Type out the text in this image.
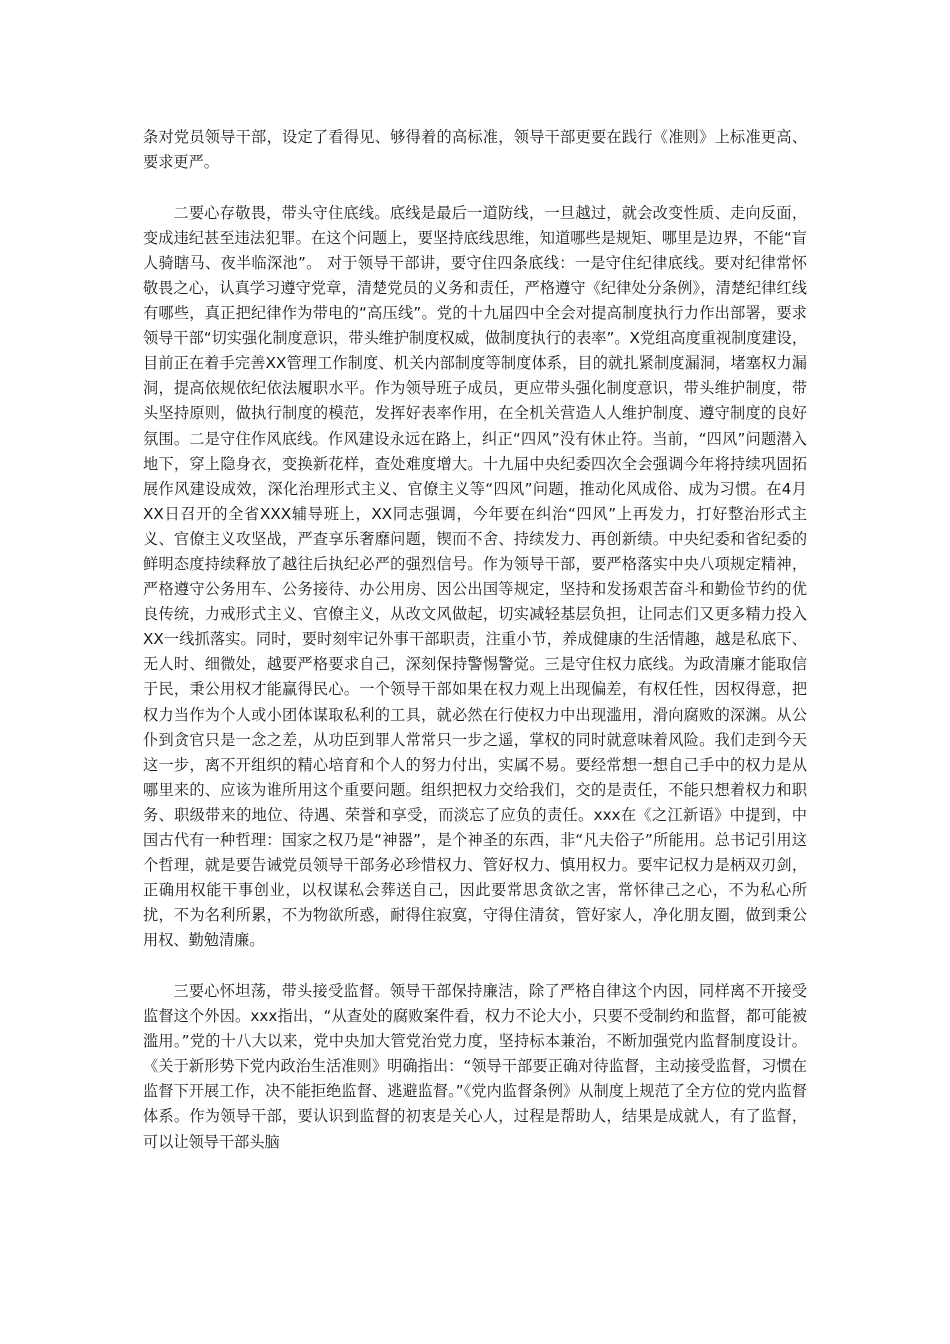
条对党员领导干部，设定了看得见、够得着的高标准，领导干部更要在践行《准则》上标准更高、要求更严。

二要心存敬畏，带头守住底线。底线是最后一道防线，一旦越过，就会改变性质、走向反面，变成违纪甚至违法犯罪。在这个问题上，要坚持底线思维，知道哪些是规矩、哪里是边界，不能“盲人骑瞎马、夜半临深池”。 对于领导干部讲，要守住四条底线：一是守住纪律底线。要对纪律常怀敬畏之心，认真学习遵守党章，清楚党员的义务和责任，严格遵守《纪律处分条例》，清楚纪律红线有哪些，真正把纪律作为带电的“高压线”。党的十九届四中全会对提高制度执行力作出部署，要求领导干部“切实强化制度意识，带头维护制度权威，做制度执行的表率”。X党组高度重视制度建设，目前正在着手完善XX管理工作制度、机关内部制度等制度体系，目的就扎紧制度漏洞，堵塞权力漏洞，提高依规依纪依法履职水平。作为领导班子成员，更应带头强化制度意识，带头维护制度，带头坚持原则，做执行制度的模范，发挥好表率作用，在全机关营造人人维护制度、遵守制度的良好氛围。二是守住作风底线。作风建设永远在路上，纠正“四风”没有休止符。当前，“四风”问题潜入地下，穿上隐身衣，变换新花样，查处难度增大。十九届中央纪委四次全会强调今年将持续巩固拓展作风建设成效，深化治理形式主义、官僚主义等“四风”问题，推动化风成俗、成为习惯。在4月XX日召开的全省XXX辅导班上，XX同志强调，今年要在纠治“四风”上再发力，打好整治形式主义、官僚主义攻坚战，严查享乐奢靡问题，锲而不舍、持续发力、再创新绩。中央纪委和省纪委的鲜明态度持续释放了越往后执纪必严的强烈信号。作为领导干部，要严格落实中央八项规定精神，严格遵守公务用车、公务接待、办公用房、因公出国等规定，坚持和发扬艰苦奋斗和勤俭节约的优良传统，力戒形式主义、官僚主义，从改文风做起，切实减轻基层负担，让同志们又更多精力投入XX一线抓落实。同时，要时刻牢记外事干部职责，注重小节，养成健康的生活情趣，越是私底下、无人时、细微处，越要严格要求自己，深刻保持警惕警觉。三是守住权力底线。为政清廉才能取信于民，秉公用权才能赢得民心。一个领导干部如果在权力观上出现偏差，有权任性，因权得意，把权力当作为个人或小团体谋取私利的工具，就必然在行使权力中出现滥用，滑向腐败的深渊。从公仆到贪官只是一念之差，从功臣到罪人常常只一步之遥，掌权的同时就意味着风险。我们走到今天这一步，离不开组织的精心培育和个人的努力付出，实属不易。要经常想一想自己手中的权力是从哪里来的、应该为谁所用这个重要问题。组织把权力交给我们，交的是责任，不能只想着权力和职务、职级带来的地位、待遇、荣誉和享受，而淡忘了应负的责任。xxx在《之江新语》中提到，中国古代有一种哲理：国家之权乃是“神器”，是个神圣的东西，非“凡夫俗子”所能用。总书记引用这个哲理，就是要告诫党员领导干部务必珍惜权力、管好权力、慎用权力。要牢记权力是柄双刃剑，正确用权能干事创业，以权谋私会葬送自己，因此要常思贪欲之害，常怀律己之心，不为私心所扰，不为名利所累，不为物欲所惑，耐得住寂寞，守得住清贫，管好家人，净化朋友圈，做到秉公用权、勤勉清廉。

三要心怀坦荡，带头接受监督。领导干部保持廉洁，除了严格自律这个内因，同样离不开接受监督这个外因。xxx指出，“从查处的腐败案件看，权力不论大小，只要不受制约和监督，都可能被滥用。”党的十八大以来，党中央加大管党治党力度，坚持标本兼治，不断加强党内监督制度设计。《关于新形势下党内政治生活准则》明确指出：“领导干部要正确对待监督，主动接受监督，习惯在监督下开展工作，决不能拒绝监督、逃避监督。”《党内监督条例》从制度上规范了全方位的党内监督体系。作为领导干部，要认识到监督的初衷是关心人，过程是帮助人，结果是成就人，有了监督，可以让领导干部头脑
